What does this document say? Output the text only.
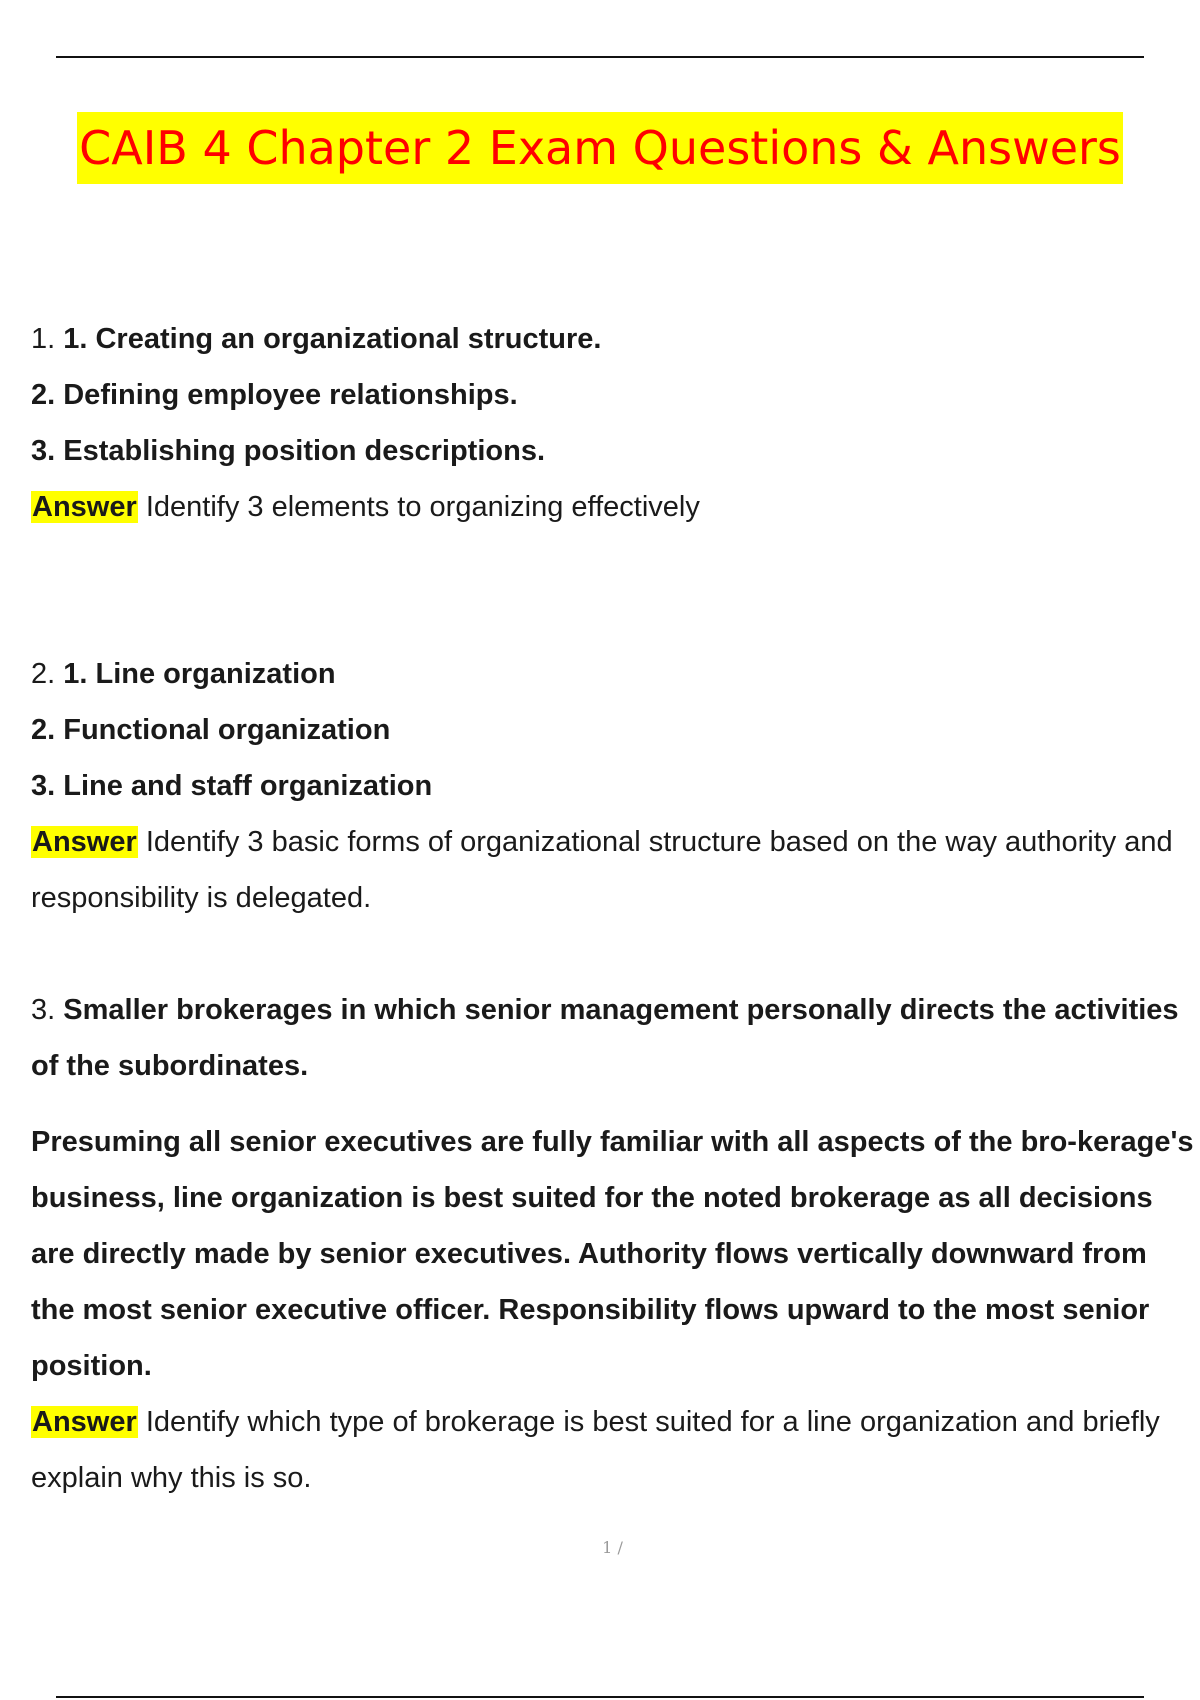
CAIB 4 Chapter 2 Exam Questions & Answers

1. 1. Creating an organizational structure.

2. Defining employee relationships.

3. Establishing position descriptions.

Answer Identify 3 elements to organizing effectively

2. 1. Line organization

2. Functional organization

3. Line and staff organization

Answer Identify 3 basic forms of organizational structure based on the way authority and responsibility is delegated.

3. Smaller brokerages in which senior management personally directs the activities of the subordinates.

Presuming all senior executives are fully familiar with all aspects of the bro-kerage's business, line organization is best suited for the noted brokerage as all decisions are directly made by senior executives. Authority flows vertically downward from the most senior executive officer. Responsibility flows upward to the most senior position.

Answer Identify which type of brokerage is best suited for a line organization and briefly explain why this is so.

1 /
